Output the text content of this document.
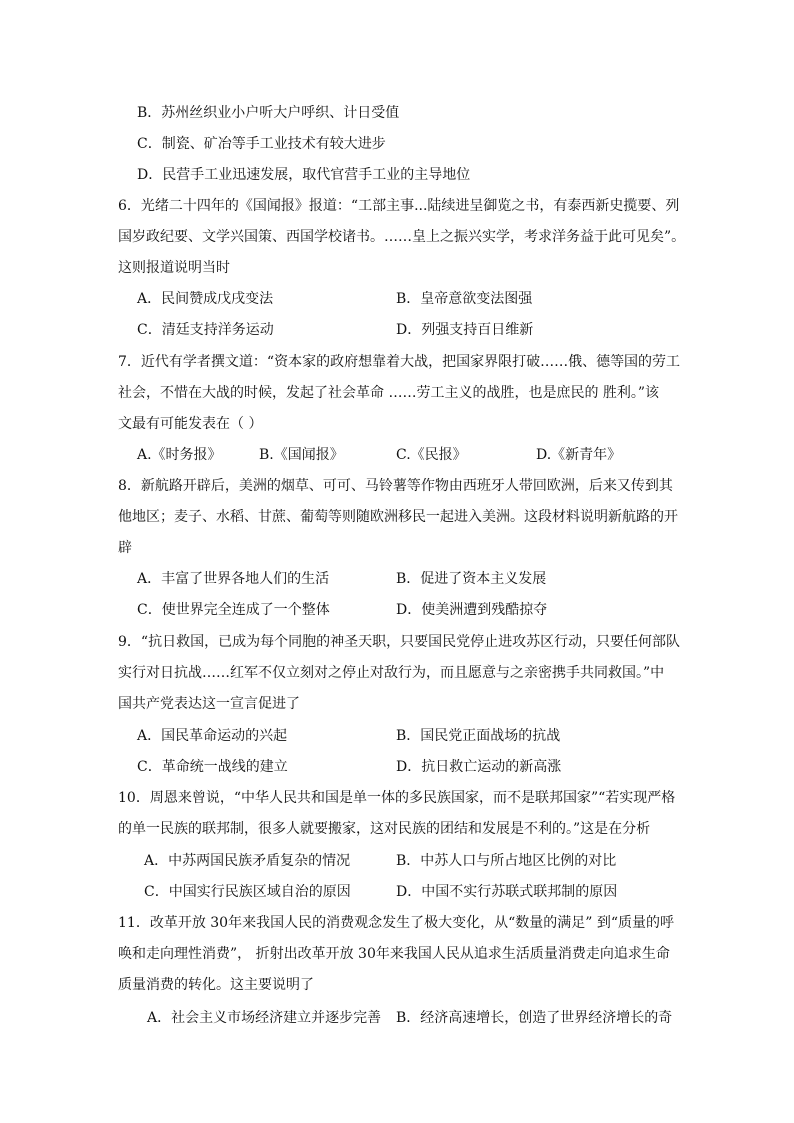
B．苏州丝织业小户听大户呼织、计日受值
C．制瓷、矿冶等手工业技术有较大进步
D．民营手工业迅速发展，取代官营手工业的主导地位
6．光绪二十四年的《国闻报》报道：“工部主事...陆续进呈御览之书，有泰西新史揽要、列
国岁政纪要、文学兴国策、西国学校诸书。……皇上之振兴实学，考求洋务益于此可见矣”。
这则报道说明当时
A．民间赞成戊戌变法	B．皇帝意欲变法图强
C．清廷支持洋务运动	D．列强支持百日维新
7．近代有学者撰文道：“资本家的政府想靠着大战，把国家界限打破……俄、德等国的劳工
社会，不惜在大战的时候，发起了社会革命 ……劳工主义的战胜，也是庶民的 胜利。”该
文最有可能发表在（ ）
A.《时务报》	B.《国闻报》	C.《民报》	D.《新青年》
8．新航路开辟后，美洲的烟草、可可、马铃薯等作物由西班牙人带回欧洲，后来又传到其
他地区；麦子、水稻、甘蔗、葡萄等则随欧洲移民一起进入美洲。这段材料说明新航路的开
辟
A．丰富了世界各地人们的生活	B．促进了资本主义发展
C．使世界完全连成了一个整体	D．使美洲遭到残酷掠夺
9．“抗日救国，已成为每个同胞的神圣天职，只要国民党停止进攻苏区行动，只要任何部队
实行对日抗战……红军不仅立刻对之停止对敌行为，而且愿意与之亲密携手共同救国。”中
国共产党表达这一宣言促进了
A．国民革命运动的兴起	B．国民党正面战场的抗战
C．革命统一战线的建立	D．抗日救亡运动的新高涨
10．周恩来曾说，“中华人民共和国是单一体的多民族国家，而不是联邦国家”“若实现严格
的单一民族的联邦制，很多人就要搬家，这对民族的团结和发展是不利的。”这是在分析
A．中苏两国民族矛盾复杂的情况	B．中苏人口与所占地区比例的对比
C．中国实行民族区域自治的原因	D．中国不实行苏联式联邦制的原因
11．改革开放 30年来我国人民的消费观念发生了极大变化，从“数量的满足” 到“质量的呼
唤和走向理性消费”， 折射出改革开放 30年来我国人民从追求生活质量消费走向追求生命
质量消费的转化。这主要说明了
A．社会主义市场经济建立并逐步完善 B．经济高速增长，创造了世界经济增长的奇
